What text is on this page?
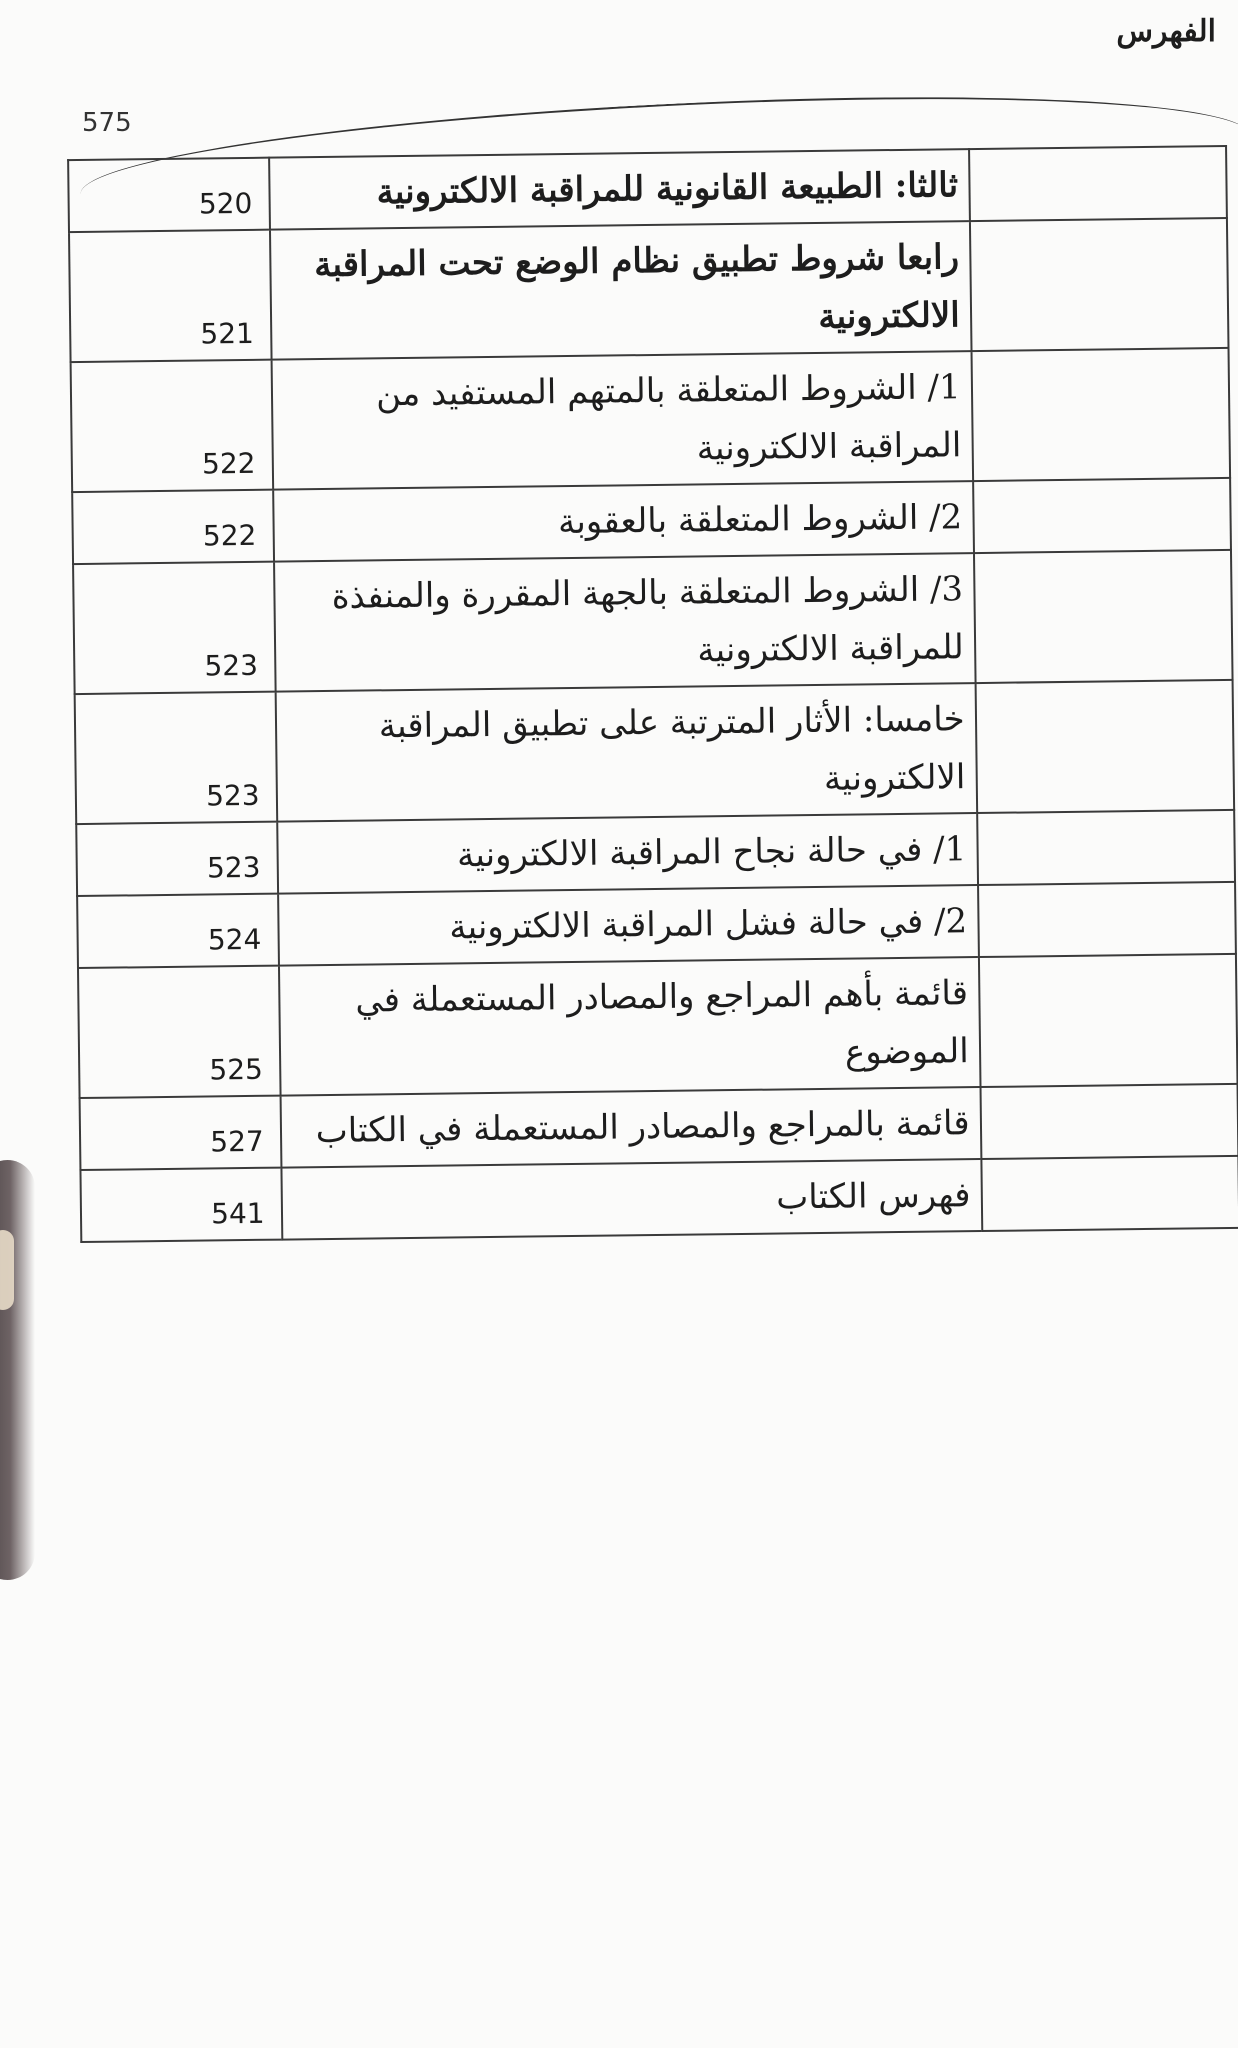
الفهرس
575

	ثالثا: الطبيعة القانونية للمراقبة الالكترونية	520

	رابعا شروط تطبيق نظام الوضع تحت المراقبة الالكترونية	521

	1/ الشروط المتعلقة بالمتهم المستفيد من المراقبة الالكترونية	522

	2/ الشروط المتعلقة بالعقوبة	522

	3/ الشروط المتعلقة بالجهة المقررة والمنفذة للمراقبة الالكترونية	523

	خامسا: الأثار المترتبة على تطبيق المراقبة الالكترونية	523

	1/ في حالة نجاح المراقبة الالكترونية	523

	2/ في حالة فشل المراقبة الالكترونية	524

	قائمة بأهم المراجع والمصادر المستعملة في الموضوع	525

	قائمة بالمراجع والمصادر المستعملة في الكتاب	527

	فهرس الكتاب	541
